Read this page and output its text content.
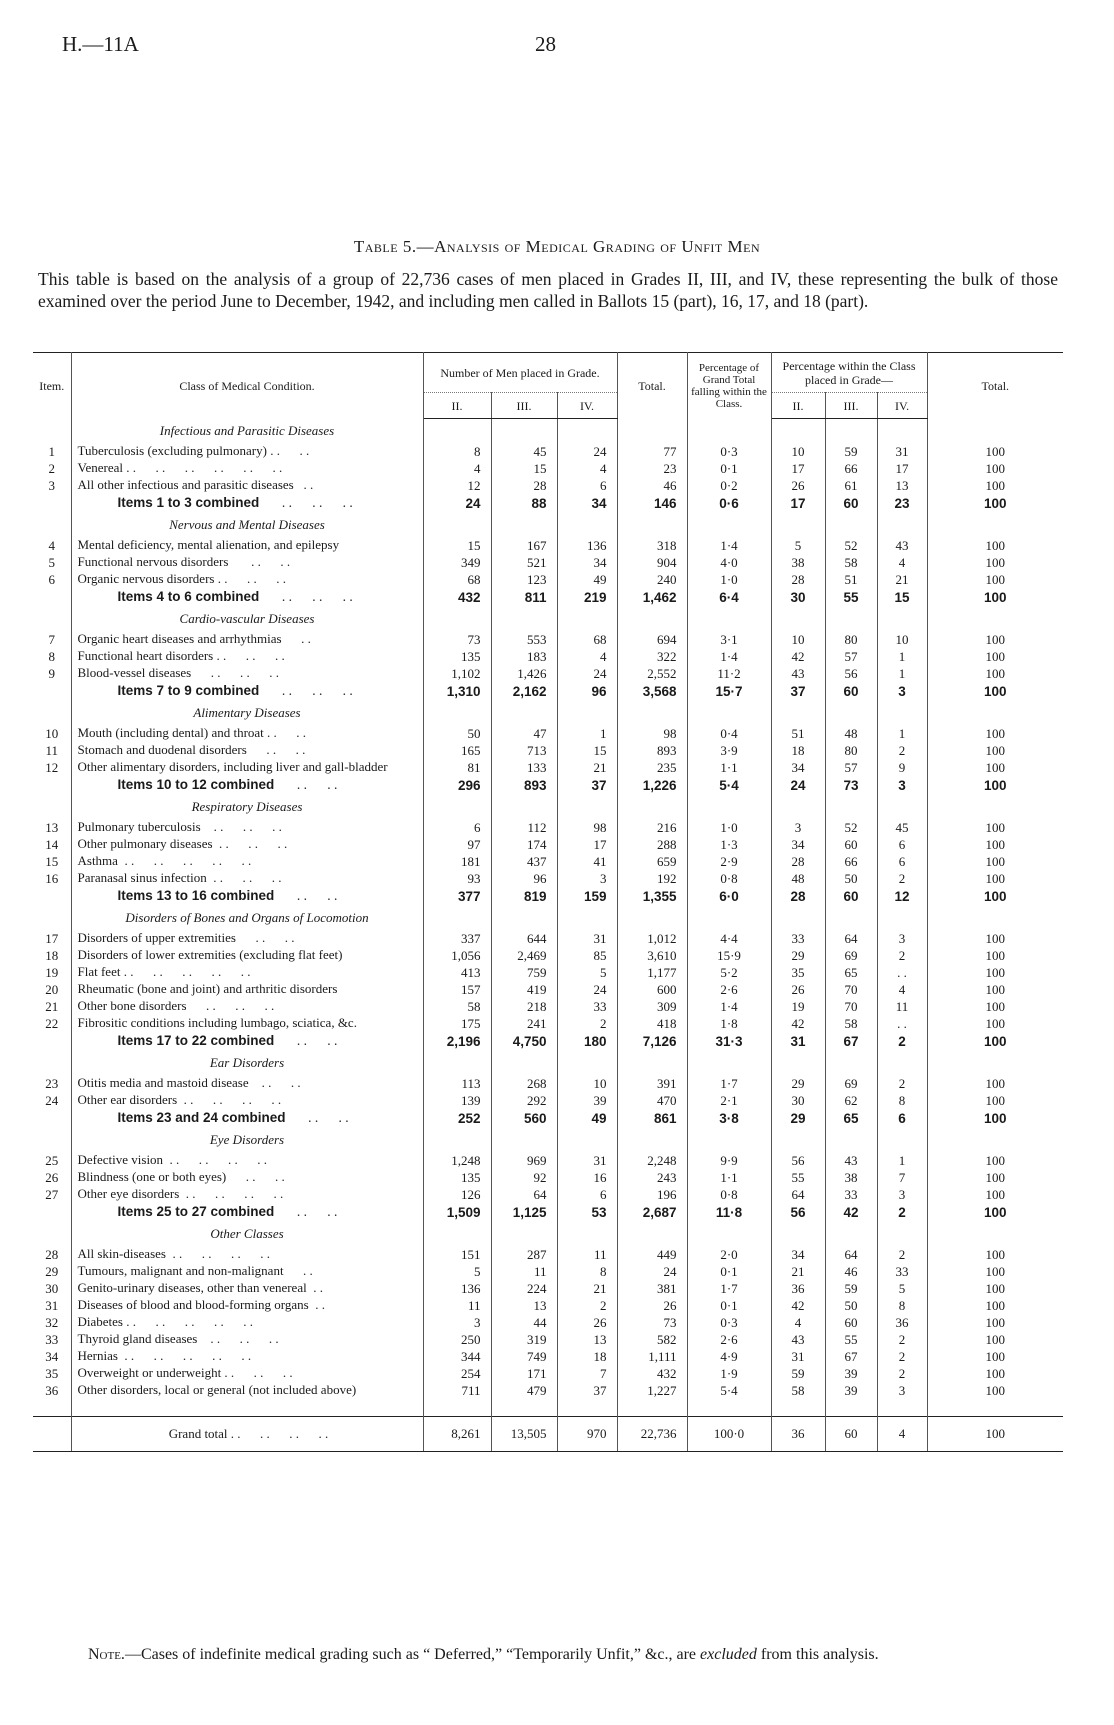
H.—11A	28
Table 5.—Analysis of Medical Grading of Unfit Men
This table is based on the analysis of a group of 22,736 cases of men placed in Grades II, III, and IV, these representing the bulk of those examined over the period June to December, 1942, and including men called in Ballots 15 (part), 16, 17, and 18 (part).
Item.	Class of Medical Condition.	Number of Men placed in Grade.			Total.	Percentage of Grand Total falling within the Class.	Percentage within the Class placed in Grade—			Total.
		II.	III.	IV.			II.	III.	IV.	
	Infectious and Parasitic Diseases									
1	Tuberculosis (excluding pulmonary) . .      . .	8	45	24	77	0·3	10	59	31	100
2	Venereal . .      . .      . .      . .      . .      . .	4	15	4	23	0·1	17	66	17	100
3	All other infectious and parasitic diseases   . .	12	28	6	46	0·2	26	61	13	100
	Items 1 to 3 combined . .      . .      . .	24	88	34	146	0·6	17	60	23	100
	Nervous and Mental Diseases									
4	Mental deficiency, mental alienation, and epilepsy	15	167	136	318	1·4	5	52	43	100
5	Functional nervous disorders       . .      . .	349	521	34	904	4·0	38	58	4	100
6	Organic nervous disorders . .      . .      . .	68	123	49	240	1·0	28	51	21	100
	Items 4 to 6 combined . .      . .      . .	432	811	219	1,462	6·4	30	55	15	100
	Cardio-vascular Diseases									
7	Organic heart diseases and arrhythmias      . .	73	553	68	694	3·1	10	80	10	100
8	Functional heart disorders . .      . .      . .	135	183	4	322	1·4	42	57	1	100
9	Blood-vessel diseases      . .      . .      . .	1,102	1,426	24	2,552	11·2	43	56	1	100
	Items 7 to 9 combined . .      . .      . .	1,310	2,162	96	3,568	15·7	37	60	3	100
	Alimentary Diseases									
10	Mouth (including dental) and throat . .      . .	50	47	1	98	0·4	51	48	1	100
11	Stomach and duodenal disorders      . .      . .	165	713	15	893	3·9	18	80	2	100
12	Other alimentary disorders, including liver and gall-bladder	81	133	21	235	1·1	34	57	9	100
	Items 10 to 12 combined . .      . .	296	893	37	1,226	5·4	24	73	3	100
	Respiratory Diseases									
13	Pulmonary tuberculosis    . .      . .      . .	6	112	98	216	1·0	3	52	45	100
14	Other pulmonary diseases  . .      . .      . .	97	174	17	288	1·3	34	60	6	100
15	Asthma  . .      . .      . .      . .      . .	181	437	41	659	2·9	28	66	6	100
16	Paranasal sinus infection  . .      . .      . .	93	96	3	192	0·8	48	50	2	100
	Items 13 to 16 combined . .      . .	377	819	159	1,355	6·0	28	60	12	100
	Disorders of Bones and Organs of Locomotion									
17	Disorders of upper extremities      . .      . .	337	644	31	1,012	4·4	33	64	3	100
18	Disorders of lower extremities (excluding flat feet)	1,056	2,469	85	3,610	15·9	29	69	2	100
19	Flat feet . .      . .      . .      . .      . .	413	759	5	1,177	5·2	35	65	. .	100
20	Rheumatic (bone and joint) and arthritic disorders	157	419	24	600	2·6	26	70	4	100
21	Other bone disorders      . .      . .      . .	58	218	33	309	1·4	19	70	11	100
22	Fibrositic conditions including lumbago, sciatica, &c.	175	241	2	418	1·8	42	58	. .	100
	Items 17 to 22 combined . .      . .	2,196	4,750	180	7,126	31·3	31	67	2	100
	Ear Disorders									
23	Otitis media and mastoid disease    . .      . .	113	268	10	391	1·7	29	69	2	100
24	Other ear disorders  . .      . .      . .      . .	139	292	39	470	2·1	30	62	8	100
	Items 23 and 24 combined . .      . .	252	560	49	861	3·8	29	65	6	100
	Eye Disorders									
25	Defective vision  . .      . .      . .      . .	1,248	969	31	2,248	9·9	56	43	1	100
26	Blindness (one or both eyes)      . .      . .	135	92	16	243	1·1	55	38	7	100
27	Other eye disorders  . .      . .      . .      . .	126	64	6	196	0·8	64	33	3	100
	Items 25 to 27 combined . .      . .	1,509	1,125	53	2,687	11·8	56	42	2	100
	Other Classes									
28	All skin-diseases  . .      . .      . .      . .	151	287	11	449	2·0	34	64	2	100
29	Tumours, malignant and non-malignant      . .	5	11	8	24	0·1	21	46	33	100
30	Genito-urinary diseases, other than venereal  . .	136	224	21	381	1·7	36	59	5	100
31	Diseases of blood and blood-forming organs  . .	11	13	2	26	0·1	42	50	8	100
32	Diabetes . .      . .      . .      . .      . .	3	44	26	73	0·3	4	60	36	100
33	Thyroid gland diseases    . .      . .      . .	250	319	13	582	2·6	43	55	2	100
34	Hernias  . .      . .      . .      . .      . .	344	749	18	1,111	4·9	31	67	2	100
35	Overweight or underweight . .      . .      . .	254	171	7	432	1·9	59	39	2	100
36	Other disorders, local or general (not included above)	711	479	37	1,227	5·4	58	39	3	100

	Grand total . .      . .      . .      . .	8,261	13,505	970	22,736	100·0	36	60	4	100
Note.—Cases of indefinite medical grading such as “ Deferred,” “Temporarily Unfit,” &c., are excluded from this analysis.
